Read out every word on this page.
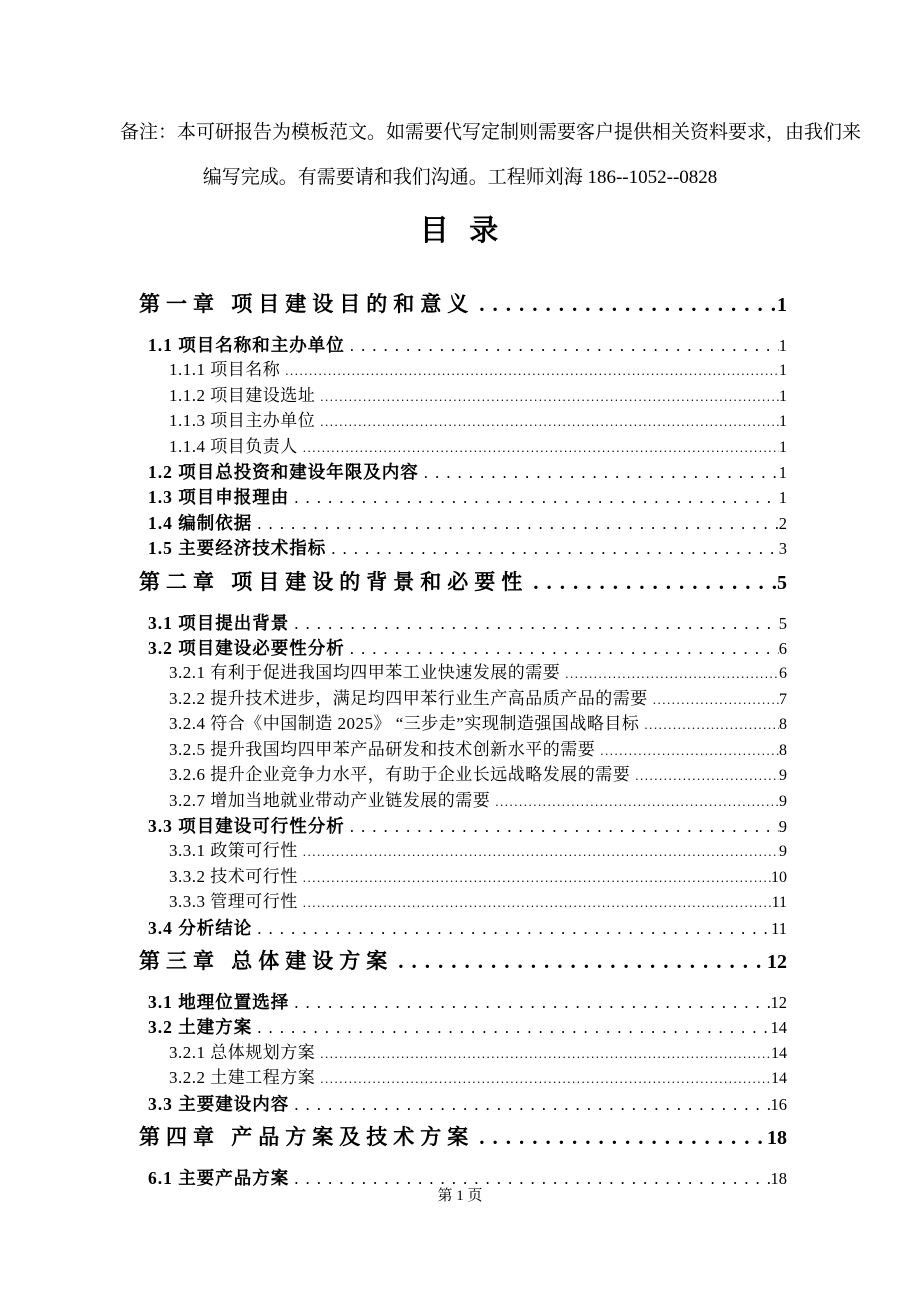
备注：本可研报告为模板范文。如需要代写定制则需要客户提供相关资料要求，由我们来
编写完成。有需要请和我们沟通。工程师刘海 186--1052--0828
目  录
第一章 项目建设目的和意义 .....	1
1.1 项目名称和主办单位 .....	1
1.1.1 项目名称 .....	1
1.1.2 项目建设选址 .....	1
1.1.3 项目主办单位 .....	1
1.1.4 项目负责人 .....	1
1.2 项目总投资和建设年限及内容 .....	1
1.3 项目申报理由 .....	1
1.4 编制依据 .....	2
1.5 主要经济技术指标 .....	3
第二章 项目建设的背景和必要性 .....	5
3.1 项目提出背景 .....	5
3.2 项目建设必要性分析 .....	6
3.2.1 有利于促进我国均四甲苯工业快速发展的需要 .....	6
3.2.2 提升技术进步，满足均四甲苯行业生产高品质产品的需要 .....	7
3.2.4 符合《中国制造 2025》 “三步走”实现制造强国战略目标 .....	8
3.2.5 提升我国均四甲苯产品研发和技术创新水平的需要 .....	8
3.2.6 提升企业竞争力水平，有助于企业长远战略发展的需要 .....	9
3.2.7 增加当地就业带动产业链发展的需要 .....	9
3.3 项目建设可行性分析 .....	9
3.3.1 政策可行性 .....	9
3.3.2 技术可行性 .....	10
3.3.3 管理可行性 .....	11
3.4 分析结论 .....	11
第三章 总体建设方案 .....	12
3.1 地理位置选择 .....	12
3.2 土建方案 .....	14
3.2.1 总体规划方案 .....	14
3.2.2 土建工程方案 .....	14
3.3 主要建设内容 .....	16
第四章 产品方案及技术方案 .....	18
6.1 主要产品方案 .....	18
第 1 页
